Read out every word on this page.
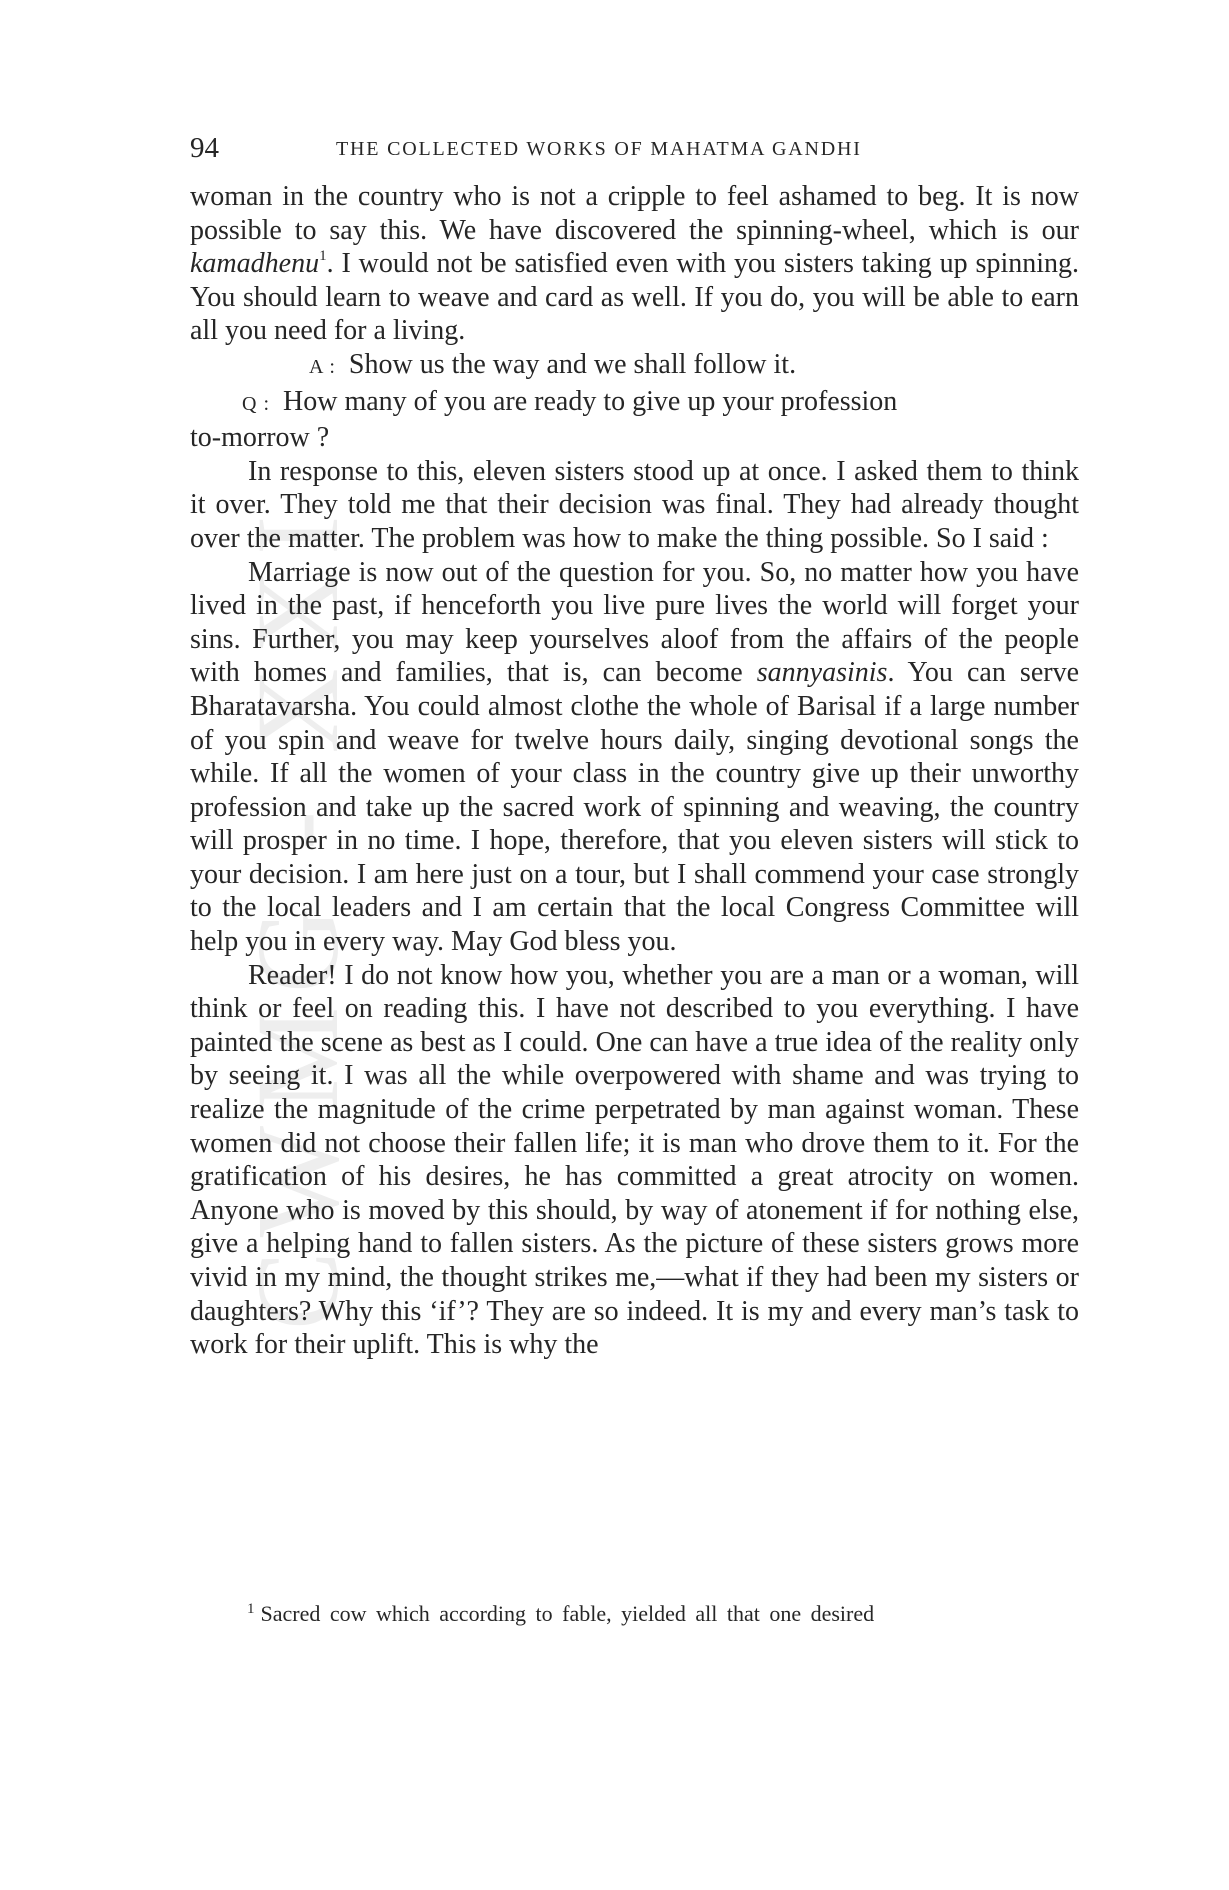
CWMG - XXI
94	THE COLLECTED WORKS OF MAHATMA GANDHI

woman in the country who is not a cripple to feel ashamed to beg. It is now possible to say this. We have discovered the spinning-wheel, which is our kamadhenu$^1$. I would not be satisfied even with you sisters taking up spinning. You should learn to weave and card as well. If you do, you will be able to earn all you need for a living.

A : Show us the way and we shall follow it.

Q : How many of you are ready to give up your profession
to-morrow ?

In response to this, eleven sisters stood up at once. I asked them to think it over. They told me that their decision was final. They had already thought over the matter. The problem was how to make the thing possible. So I said :

Marriage is now out of the question for you. So, no matter how you have lived in the past, if henceforth you live pure lives the world will forget your sins. Further, you may keep yourselves aloof from the affairs of the people with homes and families, that is, can become sannyasinis. You can serve Bharatavarsha. You could almost clothe the whole of Barisal if a large number of you spin and weave for twelve hours daily, singing devotional songs the while. If all the women of your class in the country give up their unworthy profession and take up the sacred work of spinning and weaving, the country will prosper in no time. I hope, therefore, that you eleven sisters will stick to your decision. I am here just on a tour, but I shall commend your case strongly to the local leaders and I am certain that the local Congress Committee will help you in every way. May God bless you.

Reader! I do not know how you, whether you are a man or a woman, will think or feel on reading this. I have not described to you everything. I have painted the scene as best as I could. One can have a true idea of the reality only by seeing it. I was all the while overpowered with shame and was trying to realize the magnitude of the crime perpetrated by man against woman. These women did not choose their fallen life; it is man who drove them to it. For the gratification of his desires, he has committed a great atrocity on women. Anyone who is moved by this should, by way of atonement if for nothing else, give a helping hand to fallen sisters. As the picture of these sisters grows more vivid in my mind, the thought strikes me,—what if they had been my sisters or daughters? Why this ‘if’? They are so indeed. It is my and every man’s task to work for their uplift. This is why the

$^1$ Sacred cow which according to fable, yielded all that one desired
